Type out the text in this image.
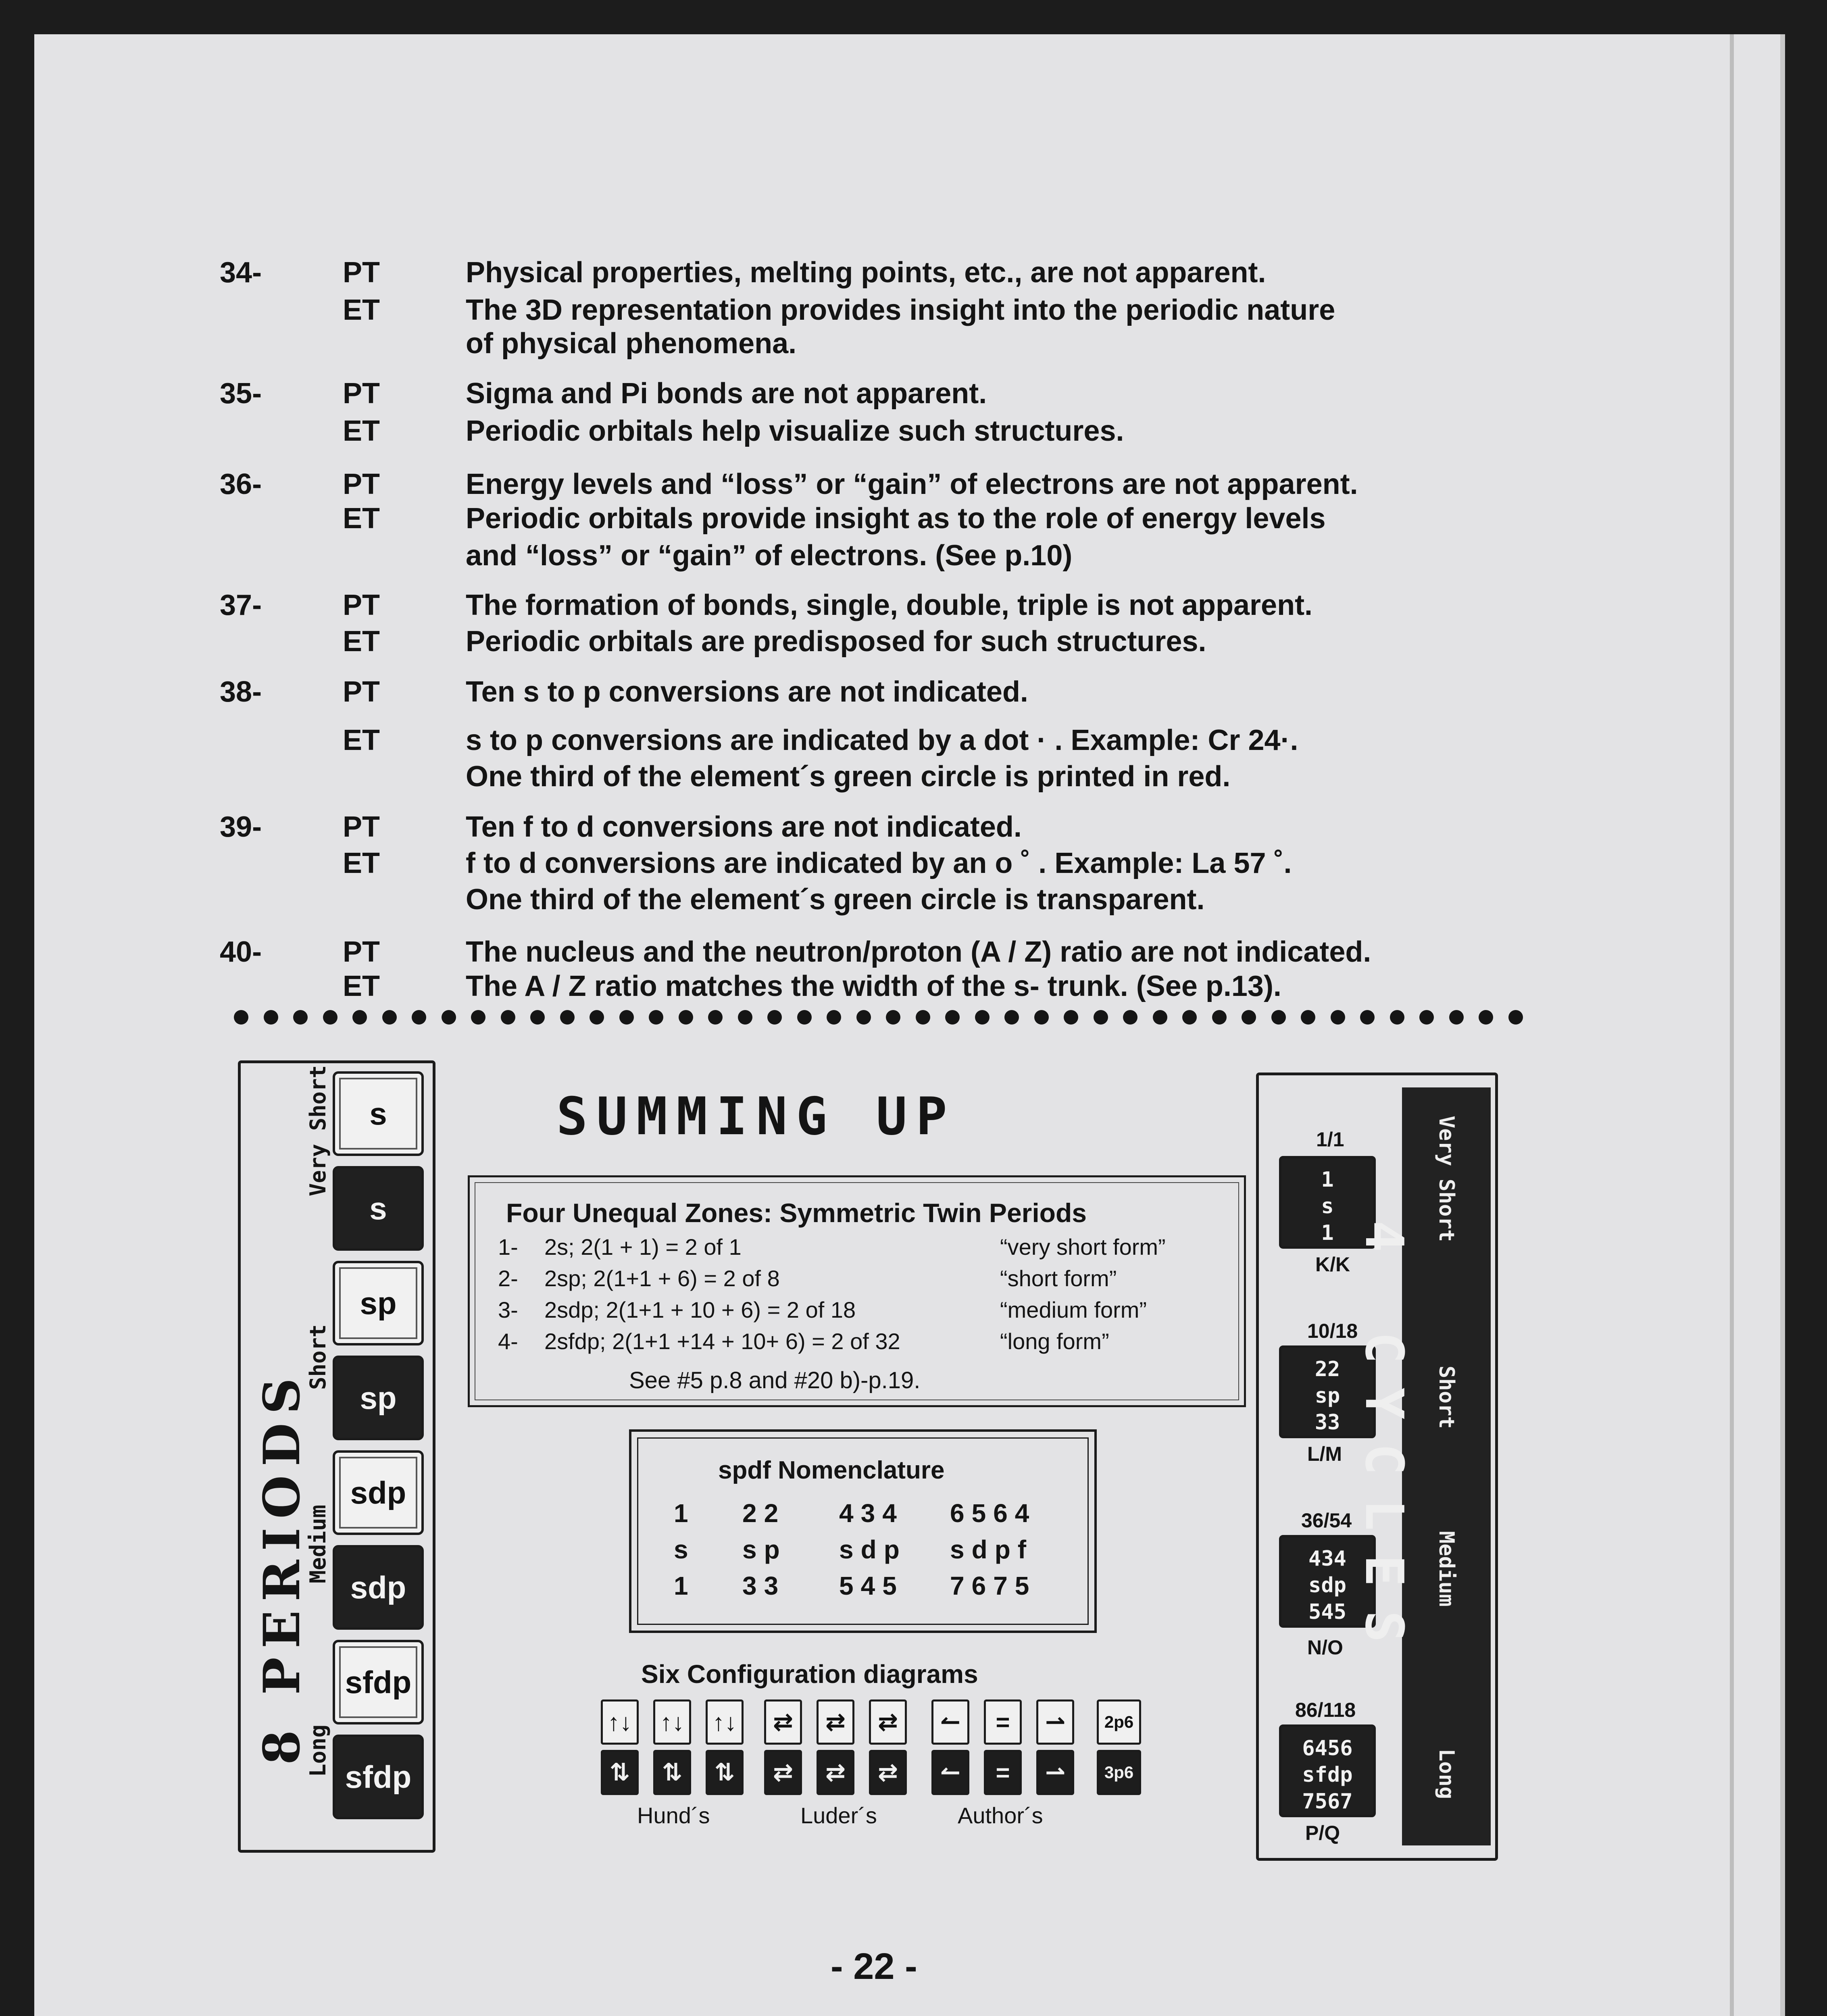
34-	PT	Physical properties, melting points, etc., are not apparent.
ET	The 3D representation provides insight into the periodic nature
of physical phenomena.
35-	PT	Sigma and Pi bonds are not apparent.
ET	Periodic orbitals help visualize such structures.
36-	PT	Energy levels and “loss” or “gain” of electrons are not apparent.
ET	Periodic orbitals provide insight as to the role of energy levels
and “loss” or “gain” of electrons. (See p.10)
37-	PT	The formation of bonds, single, double, triple is not apparent.
ET	Periodic orbitals are predisposed for such structures.
38-	PT	Ten s to p conversions are not indicated.
ET	s to p conversions are indicated by a dot · . Example: Cr 24·.
One third of the element´s green circle is printed in red.
39-	PT	Ten f to d conversions are not indicated.
ET	f to d conversions are indicated by an o ˚ . Example: La 57 ˚.
One third of the element´s green circle is transparent.
40-	PT	The nucleus and the neutron/proton (A / Z) ratio are not indicated.
ET	The A / Z ratio matches the width of the s- trunk. (See p.13).
8 PERIODS
Very Short
Short
Medium
Long
s
s
sp
sp
sdp
sdp
sfdp
sfdp
SUMMING UP
Four Unequal Zones: Symmetric Twin Periods
1- 2s; 2(1 + 1) = 2 of 1	“very short form”
2- 2sp; 2(1+1 + 6) = 2 of 8	“short form”
3- 2sdp; 2(1+1 + 10 + 6) = 2 of 18	“medium form”
4- 2sfdp; 2(1+1 +14 + 10+ 6) = 2 of 32	“long form”
See #5 p.8 and #20 b)-p.19.
spdf Nomenclature
1 22 434 6564
s sp sdp sdpf
1 33 545 7675
Six Configuration diagrams
↑↓ ↑↓ ↑↓
⇅	⇅	⇅
⇄	⇄	⇄
⇄	⇄	⇄
↼	=	⇀
↼	=	⇀
2p6
3p6
Hund´s	Luder´s	Author´s
1/1
1
s
1
K/K
10/18
22
sp
33
L/M
36/54
434
sdp
545
N/O
86/118
6456
sfdp
7567
P/Q
4 CYCLES
Very Short
Short
Medium
Long
- 22 -
